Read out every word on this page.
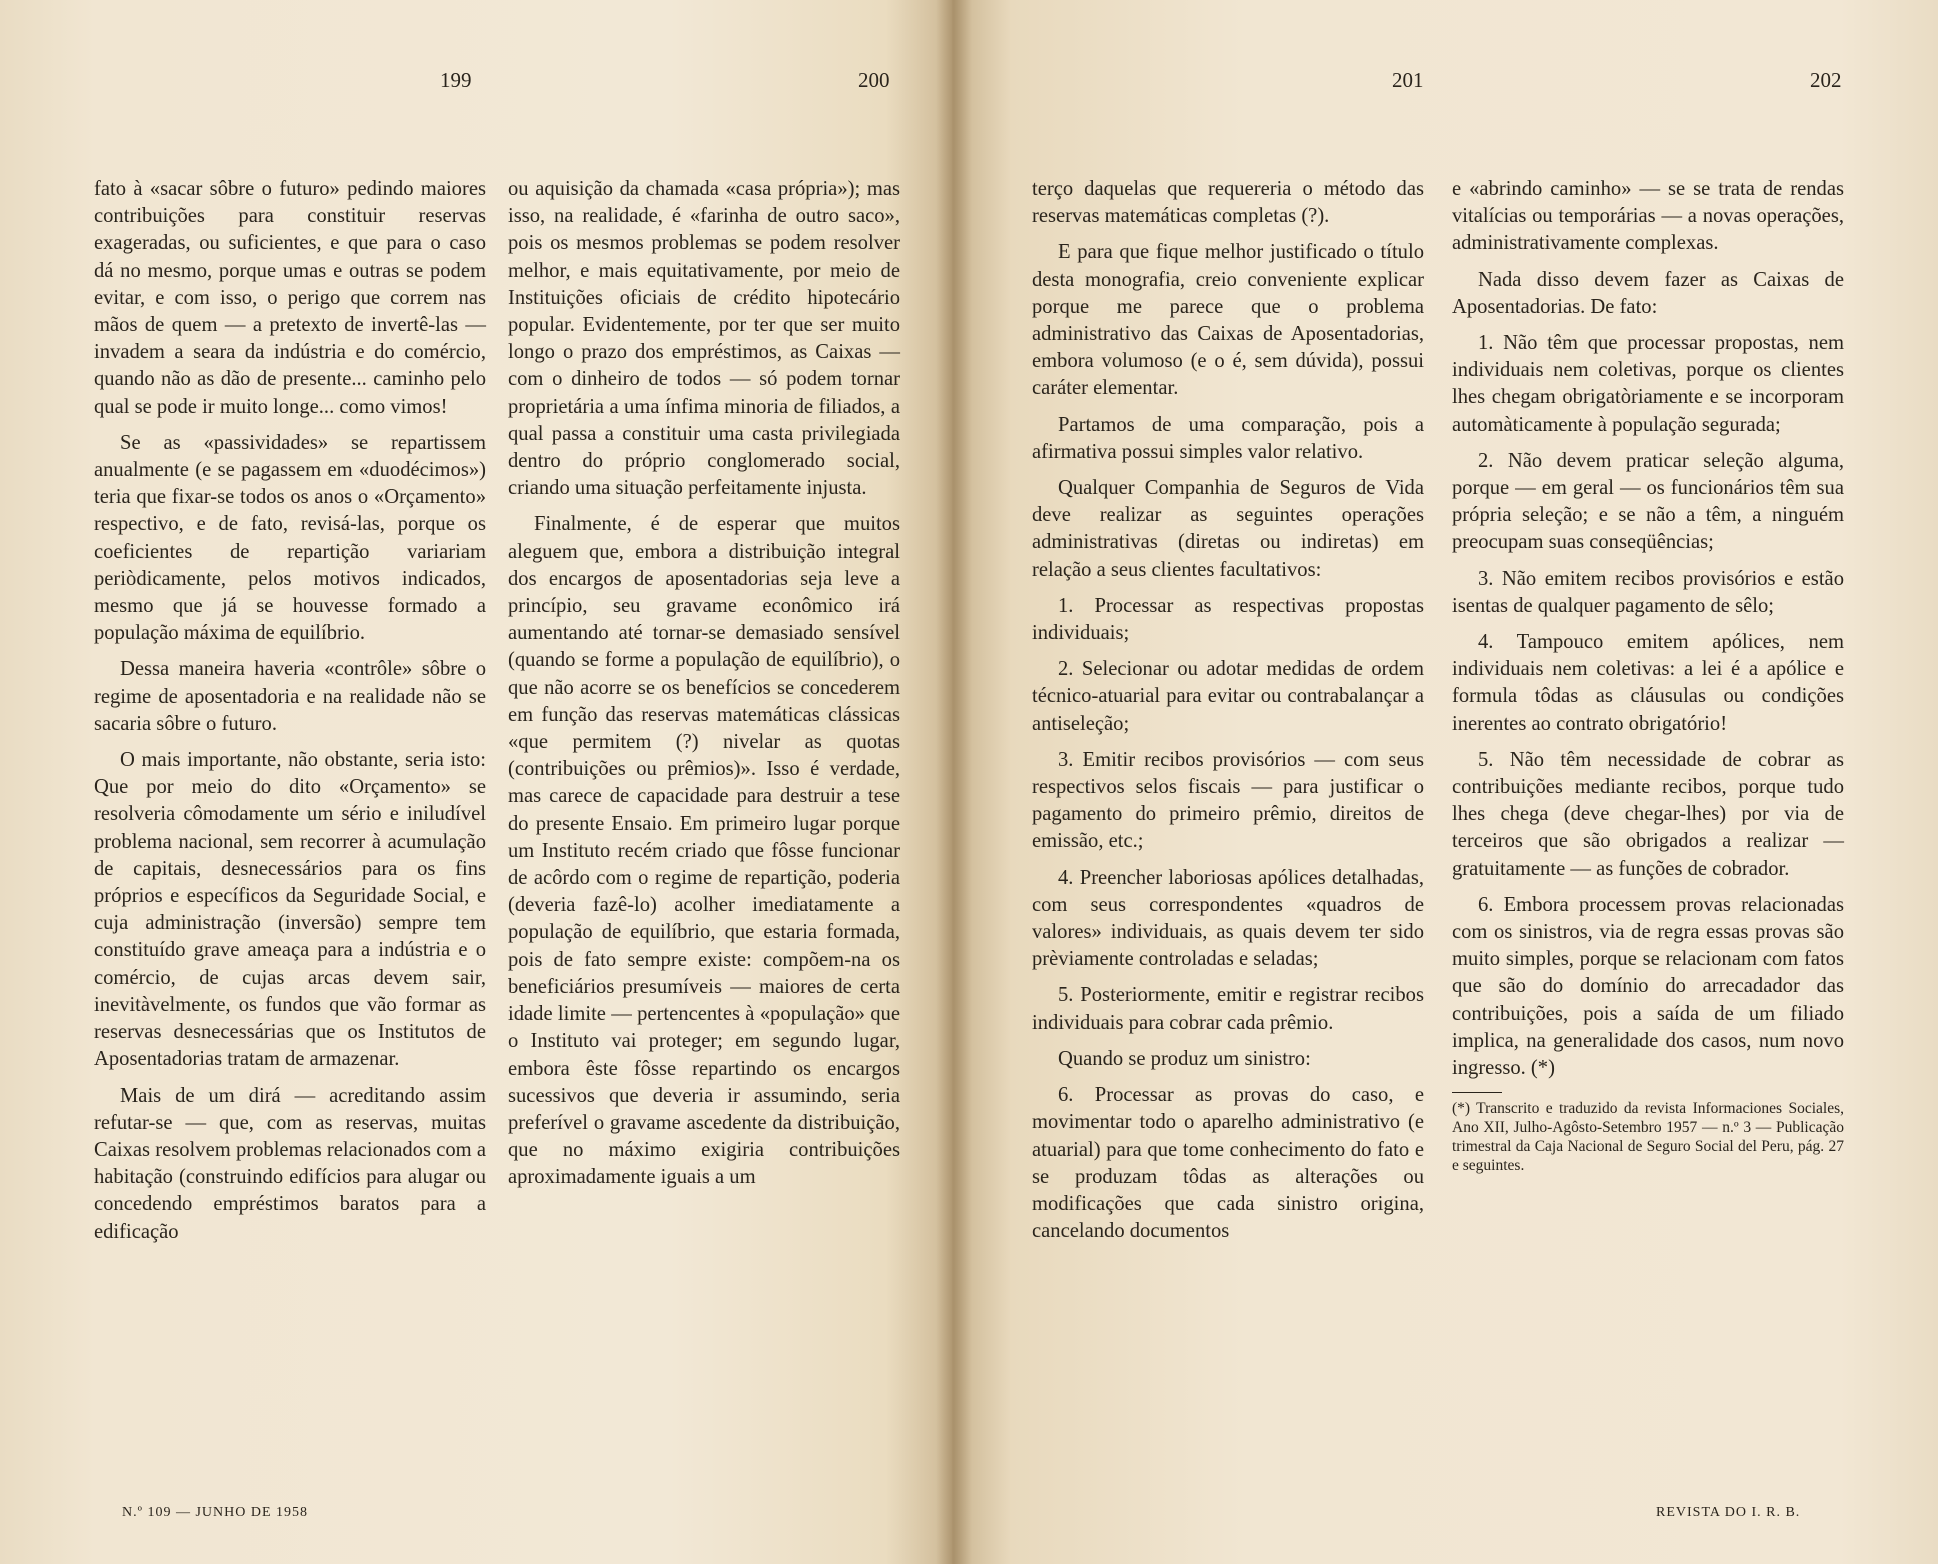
199	200

fato à «sacar sôbre o futuro» pedindo maiores contribuições para constituir reservas exageradas, ou suficientes, e que para o caso dá no mesmo, porque umas e outras se podem evitar, e com isso, o perigo que correm nas mãos de quem — a pretexto de invertê-las — invadem a seara da indústria e do comércio, quando não as dão de presente... caminho pelo qual se pode ir muito longe... como vimos!

Se as «passividades» se repartissem anualmente (e se pagassem em «duodécimos») teria que fixar-se todos os anos o «Orçamento» respectivo, e de fato, revisá-las, porque os coeficientes de repartição variariam periòdicamente, pelos motivos indicados, mesmo que já se houvesse formado a população máxima de equilíbrio.

Dessa maneira haveria «contrôle» sôbre o regime de aposentadoria e na realidade não se sacaria sôbre o futuro.

O mais importante, não obstante, seria isto: Que por meio do dito «Orçamento» se resolveria cômodamente um sério e iniludível problema nacional, sem recorrer à acumulação de capitais, desnecessários para os fins próprios e específicos da Seguridade Social, e cuja administração (inversão) sempre tem constituído grave ameaça para a indústria e o comércio, de cujas arcas devem sair, inevitàvelmente, os fundos que vão formar as reservas desnecessárias que os Institutos de Aposentadorias tratam de armazenar.

Mais de um dirá — acreditando assim refutar-se — que, com as reservas, muitas Caixas resolvem problemas relacionados com a habitação (construindo edifícios para alugar ou concedendo empréstimos baratos para a edificação

ou aquisição da chamada «casa própria»); mas isso, na realidade, é «farinha de outro saco», pois os mesmos problemas se podem resolver melhor, e mais equitativamente, por meio de Instituições oficiais de crédito hipotecário popular. Evidentemente, por ter que ser muito longo o prazo dos empréstimos, as Caixas — com o dinheiro de todos — só podem tornar proprietária a uma ínfima minoria de filiados, a qual passa a constituir uma casta privilegiada dentro do próprio conglomerado social, criando uma situação perfeitamente injusta.

Finalmente, é de esperar que muitos aleguem que, embora a distribuição integral dos encargos de aposentadorias seja leve a princípio, seu gravame econômico irá aumentando até tornar-se demasiado sensível (quando se forme a população de equilíbrio), o que não acorre se os benefícios se concederem em função das reservas matemáticas clássicas «que permitem (?) nivelar as quotas (contribuições ou prêmios)». Isso é verdade, mas carece de capacidade para destruir a tese do presente Ensaio. Em primeiro lugar porque um Instituto recém criado que fôsse funcionar de acôrdo com o regime de repartição, poderia (deveria fazê-lo) acolher imediatamente a população de equilíbrio, que estaria formada, pois de fato sempre existe: compõem-na os beneficiários presumíveis — maiores de certa idade limite — pertencentes à «população» que o Instituto vai proteger; em segundo lugar, embora êste fôsse repartindo os encargos sucessivos que deveria ir assumindo, seria preferível o gravame ascedente da distribuição, que no máximo exigiria contribuições aproximadamente iguais a um

N.º 109 — JUNHO DE 1958
201	202

terço daquelas que requereria o método das reservas matemáticas completas (?).

E para que fique melhor justificado o título desta monografia, creio conveniente explicar porque me parece que o problema administrativo das Caixas de Aposentadorias, embora volumoso (e o é, sem dúvida), possui caráter elementar.

Partamos de uma comparação, pois a afirmativa possui simples valor relativo.

Qualquer Companhia de Seguros de Vida deve realizar as seguintes operações administrativas (diretas ou indiretas) em relação a seus clientes facultativos:

1. Processar as respectivas propostas individuais;

2. Selecionar ou adotar medidas de ordem técnico-atuarial para evitar ou contrabalançar a antiseleção;

3. Emitir recibos provisórios — com seus respectivos selos fiscais — para justificar o pagamento do primeiro prêmio, direitos de emissão, etc.;

4. Preencher laboriosas apólices detalhadas, com seus correspondentes «quadros de valores» individuais, as quais devem ter sido prèviamente controladas e seladas;

5. Posteriormente, emitir e registrar recibos individuais para cobrar cada prêmio.

Quando se produz um sinistro:

6. Processar as provas do caso, e movimentar todo o aparelho administrativo (e atuarial) para que tome conhecimento do fato e se produzam tôdas as alterações ou modificações que cada sinistro origina, cancelando documentos

e «abrindo caminho» — se se trata de rendas vitalícias ou temporárias — a novas operações, administrativamente complexas.

Nada disso devem fazer as Caixas de Aposentadorias. De fato:

1. Não têm que processar propostas, nem individuais nem coletivas, porque os clientes lhes chegam obrigatòriamente e se incorporam automàticamente à população segurada;

2. Não devem praticar seleção alguma, porque — em geral — os funcionários têm sua própria seleção; e se não a têm, a ninguém preocupam suas conseqüências;

3. Não emitem recibos provisórios e estão isentas de qualquer pagamento de sêlo;

4. Tampouco emitem apólices, nem individuais nem coletivas: a lei é a apólice e formula tôdas as cláusulas ou condições inerentes ao contrato obrigatório!

5. Não têm necessidade de cobrar as contribuições mediante recibos, porque tudo lhes chega (deve chegar-lhes) por via de terceiros que são obrigados a realizar — gratuitamente — as funções de cobrador.

6. Embora processem provas relacionadas com os sinistros, via de regra essas provas são muito simples, porque se relacionam com fatos que são do domínio do arrecadador das contribuições, pois a saída de um filiado implica, na generalidade dos casos, num novo ingresso. (*)

(*) Transcrito e traduzido da revista Informaciones Sociales, Ano XII, Julho-Agôsto-Setembro 1957 — n.º 3 — Publicação trimestral da Caja Nacional de Seguro Social del Peru, pág. 27 e seguintes.
REVISTA DO I. R. B.
